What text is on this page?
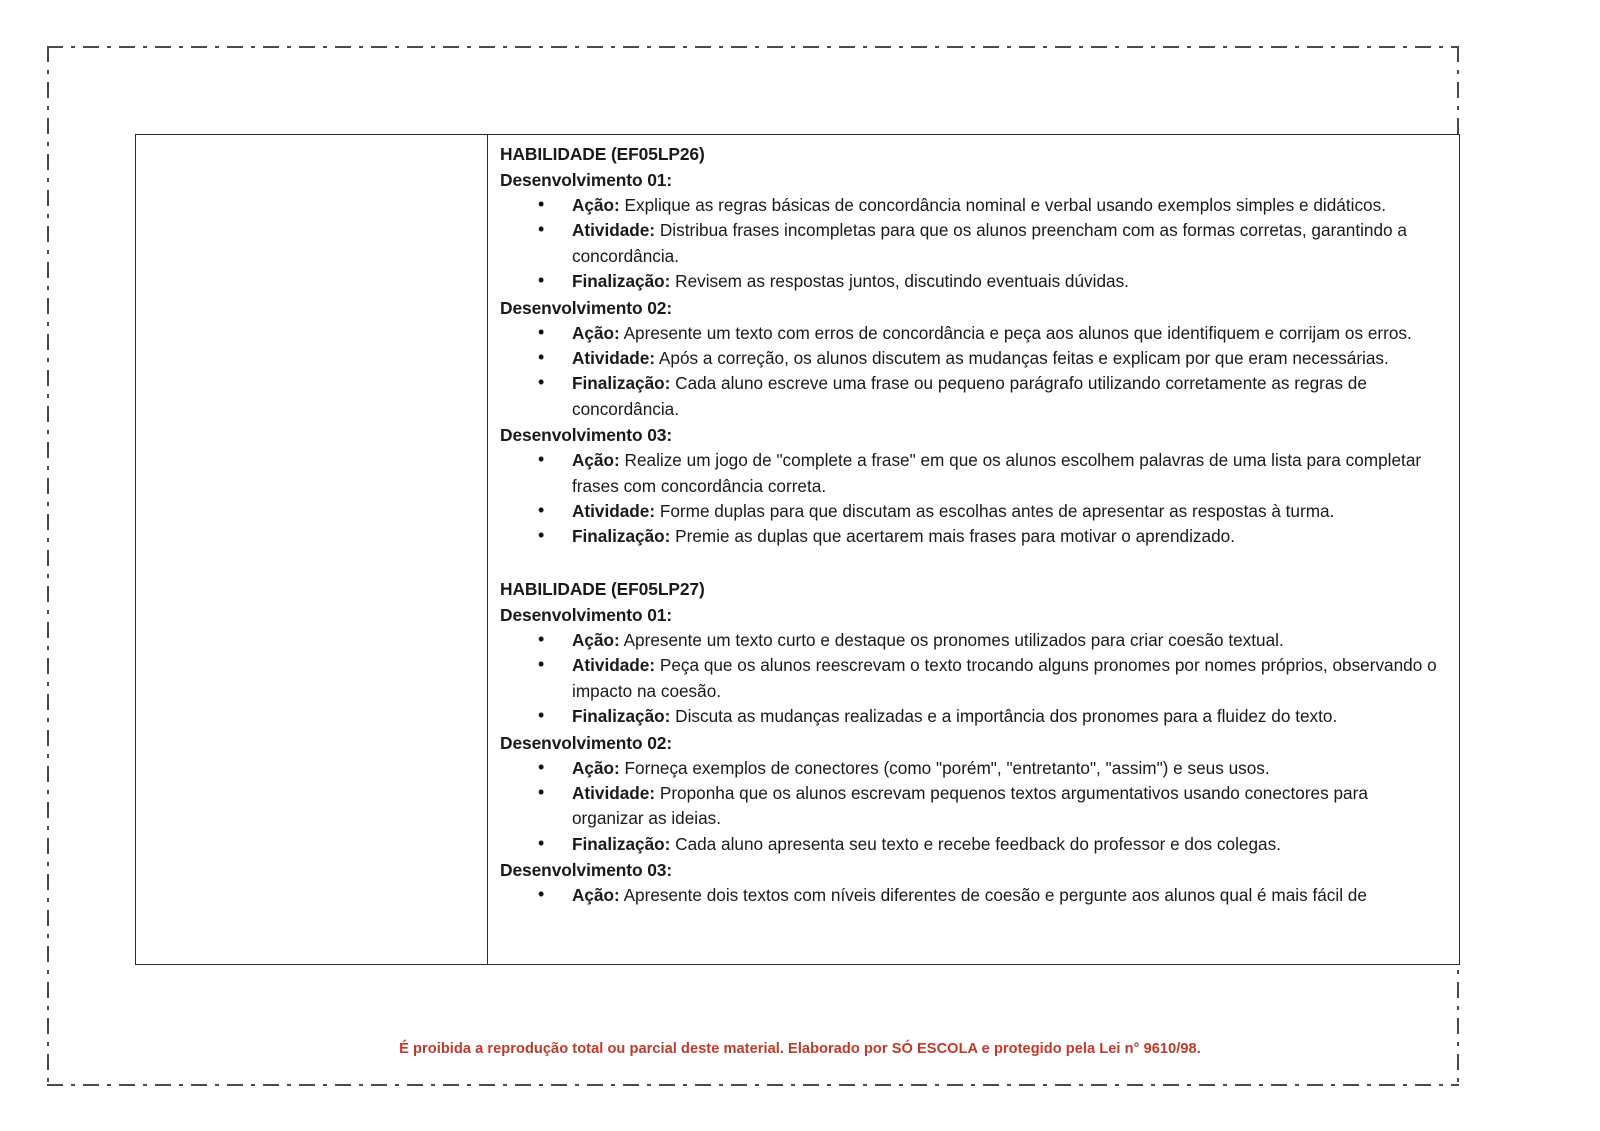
HABILIDADE (EF05LP26)
Desenvolvimento 01:
• Ação: Explique as regras básicas de concordância nominal e verbal usando exemplos simples e didáticos.
• Atividade: Distribua frases incompletas para que os alunos preencham com as formas corretas, garantindo a concordância.
• Finalização: Revisem as respostas juntos, discutindo eventuais dúvidas.
Desenvolvimento 02:
• Ação: Apresente um texto com erros de concordância e peça aos alunos que identifiquem e corrijam os erros.
• Atividade: Após a correção, os alunos discutem as mudanças feitas e explicam por que eram necessárias.
• Finalização: Cada aluno escreve uma frase ou pequeno parágrafo utilizando corretamente as regras de concordância.
Desenvolvimento 03:
• Ação: Realize um jogo de "complete a frase" em que os alunos escolhem palavras de uma lista para completar frases com concordância correta.
• Atividade: Forme duplas para que discutam as escolhas antes de apresentar as respostas à turma.
• Finalização: Premie as duplas que acertarem mais frases para motivar o aprendizado.
HABILIDADE (EF05LP27)
Desenvolvimento 01:
• Ação: Apresente um texto curto e destaque os pronomes utilizados para criar coesão textual.
• Atividade: Peça que os alunos reescrevam o texto trocando alguns pronomes por nomes próprios, observando o impacto na coesão.
• Finalização: Discuta as mudanças realizadas e a importância dos pronomes para a fluidez do texto.
Desenvolvimento 02:
• Ação: Forneça exemplos de conectores (como "porém", "entretanto", "assim") e seus usos.
• Atividade: Proponha que os alunos escrevam pequenos textos argumentativos usando conectores para organizar as ideias.
• Finalização: Cada aluno apresenta seu texto e recebe feedback do professor e dos colegas.
Desenvolvimento 03:
• Ação: Apresente dois textos com níveis diferentes de coesão e pergunte aos alunos qual é mais fácil de
É proibida a reprodução total ou parcial deste material. Elaborado por SÓ ESCOLA e protegido pela Lei n° 9610/98.
